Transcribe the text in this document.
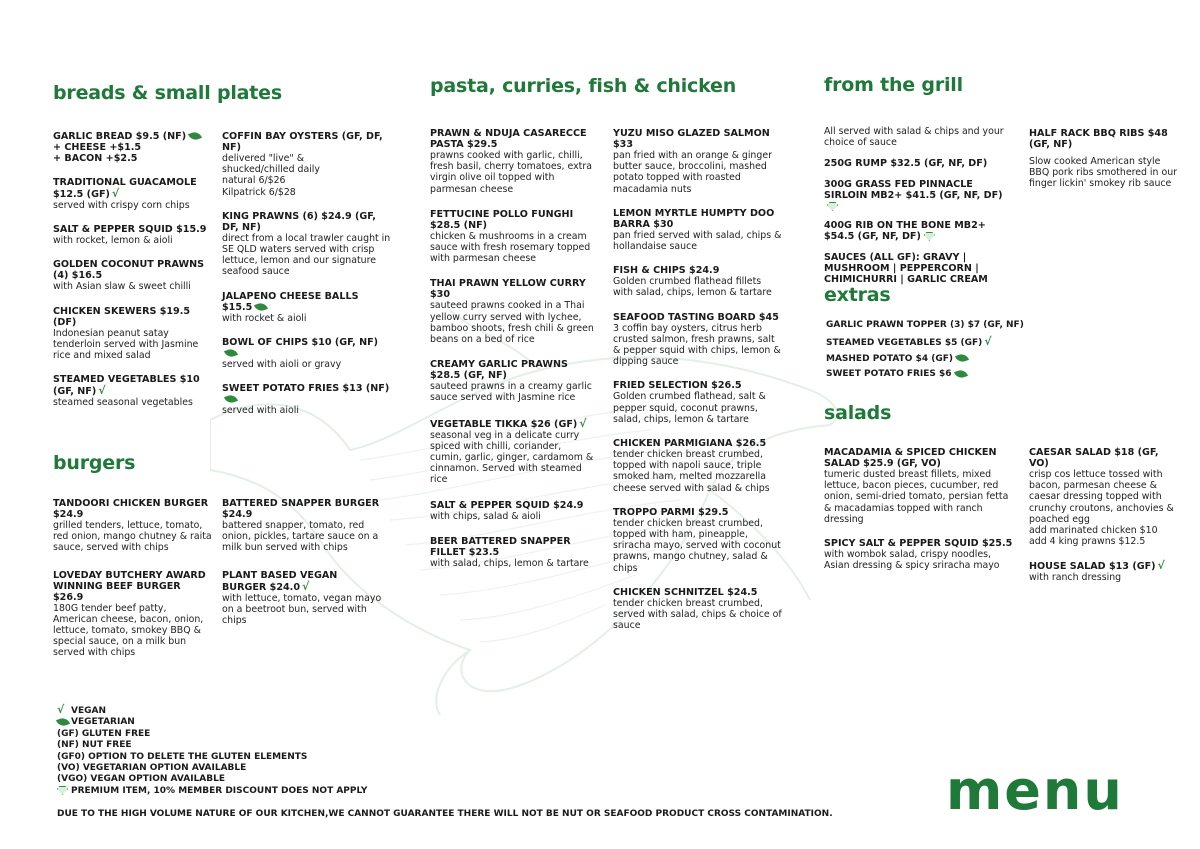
breads & small plates	pasta, curries, fish & chicken	from the grill
burgers
extras
salads
GARLIC BREAD $9.5 (NF)
+ CHEESE +$1.5
+ BACON +$2.5
TRADITIONAL GUACAMOLE $12.5 (GF) √
served with crispy corn chips
SALT & PEPPER SQUID $15.9
with rocket, lemon & aioli
GOLDEN COCONUT PRAWNS (4) $16.5
with Asian slaw & sweet chilli
CHICKEN SKEWERS $19.5 (DF)
Indonesian peanut satay tenderloin served with Jasmine rice and mixed salad
STEAMED VEGETABLES $10 (GF, NF) √
steamed seasonal vegetables
COFFIN BAY OYSTERS (GF, DF, NF)
delivered "live" &
shucked/chilled daily
natural 6/$26
Kilpatrick 6/$28
KING PRAWNS (6) $24.9 (GF, DF, NF)
direct from a local trawler caught in SE QLD waters served with crisp lettuce, lemon and our signature seafood sauce
JALAPENO CHEESE BALLS $15.5
with rocket & aioli
BOWL OF CHIPS $10 (GF, NF)
served with aioli or gravy
SWEET POTATO FRIES $13 (NF)
served with aioli
TANDOORI CHICKEN BURGER $24.9
grilled tenders, lettuce, tomato, red onion, mango chutney & raita sauce, served with chips
LOVEDAY BUTCHERY AWARD WINNING BEEF BURGER $26.9
180G tender beef patty, American cheese, bacon, onion, lettuce, tomato, smokey BBQ & special sauce, on a milk bun served with chips
BATTERED SNAPPER BURGER $24.9
battered snapper, tomato, red onion, pickles, tartare sauce on a milk bun served with chips
PLANT BASED VEGAN BURGER $24.0 √
with lettuce, tomato, vegan mayo on a beetroot bun, served with chips
PRAWN & NDUJA CASARECCE PASTA $29.5
prawns cooked with garlic, chilli, fresh basil, cherry tomatoes, extra virgin olive oil topped with parmesan cheese
FETTUCINE POLLO FUNGHI $28.5 (NF)
chicken & mushrooms in a cream sauce with fresh rosemary topped with parmesan cheese
THAI PRAWN YELLOW CURRY $30
sauteed prawns cooked in a Thai yellow curry served with lychee, bamboo shoots, fresh chili & green beans on a bed of rice
CREAMY GARLIC PRAWNS $28.5 (GF, NF)
sauteed prawns in a creamy garlic sauce served with Jasmine rice
VEGETABLE TIKKA $26 (GF) √
seasonal veg in a delicate curry spiced with chilli, coriander, cumin, garlic, ginger, cardamom & cinnamon. Served with steamed rice
SALT & PEPPER SQUID $24.9
with chips, salad & aioli
BEER BATTERED SNAPPER FILLET $23.5
with salad, chips, lemon & tartare
YUZU MISO GLAZED SALMON $33
pan fried with an orange & ginger butter sauce, broccolini, mashed potato topped with roasted macadamia nuts
LEMON MYRTLE HUMPTY DOO BARRA $30
pan fried served with salad, chips & hollandaise sauce
FISH & CHIPS $24.9
Golden crumbed flathead fillets with salad, chips, lemon & tartare
SEAFOOD TASTING BOARD $45
3 coffin bay oysters, citrus herb crusted salmon, fresh prawns, salt & pepper squid with chips, lemon & dipping sauce
FRIED SELECTION $26.5
Golden crumbed flathead, salt & pepper squid, coconut prawns, salad, chips, lemon & tartare
CHICKEN PARMIGIANA $26.5
tender chicken breast crumbed, topped with napoli sauce, triple smoked ham, melted mozzarella cheese served with salad & chips
TROPPO PARMI $29.5
tender chicken breast crumbed, topped with ham, pineapple, sriracha mayo, served with coconut prawns, mango chutney, salad & chips
CHICKEN SCHNITZEL $24.5
tender chicken breast crumbed, served with salad, chips & choice of sauce
All served with salad & chips and your choice of sauce
250G RUMP $32.5 (GF, NF, DF)
300G GRASS FED PINNACLE SIRLOIN MB2+ $41.5 (GF, NF, DF)
400G RIB ON THE BONE MB2+ $54.5 (GF, NF, DF)
SAUCES (ALL GF): GRAVY | MUSHROOM | PEPPERCORN | CHIMICHURRI | GARLIC CREAM
HALF RACK BBQ RIBS $48 (GF, NF)
Slow cooked American style BBQ pork ribs smothered in our finger lickin' smokey rib sauce
GARLIC PRAWN TOPPER (3) $7 (GF, NF)
STEAMED VEGETABLES $5 (GF) √
MASHED POTATO $4 (GF)
SWEET POTATO FRIES $6
MACADAMIA & SPICED CHICKEN SALAD $25.9 (GF, VO)
tumeric dusted breast fillets, mixed lettuce, bacon pieces, cucumber, red onion, semi-dried tomato, persian fetta & macadamias topped with ranch dressing
SPICY SALT & PEPPER SQUID $25.5
with wombok salad, crispy noodles, Asian dressing & spicy sriracha mayo
CAESAR SALAD $18 (GF, VO)
crisp cos lettuce tossed with bacon, parmesan cheese & caesar dressing topped with crunchy croutons, anchovies & poached egg
add marinated chicken $10
add 4 king prawns $12.5
HOUSE SALAD $13 (GF) √
with ranch dressing
√ VEGAN
VEGETARIAN
(GF) GLUTEN FREE
(NF) NUT FREE
(GF0) OPTION TO DELETE THE GLUTEN ELEMENTS
(VO) VEGETARIAN OPTION AVAILABLE
(VGO) VEGAN OPTION AVAILABLE
PREMIUM ITEM, 10% MEMBER DISCOUNT DOES NOT APPLY
DUE TO THE HIGH VOLUME NATURE OF OUR KITCHEN,WE CANNOT GUARANTEE THERE WILL NOT BE NUT OR SEAFOOD PRODUCT CROSS CONTAMINATION. menu
